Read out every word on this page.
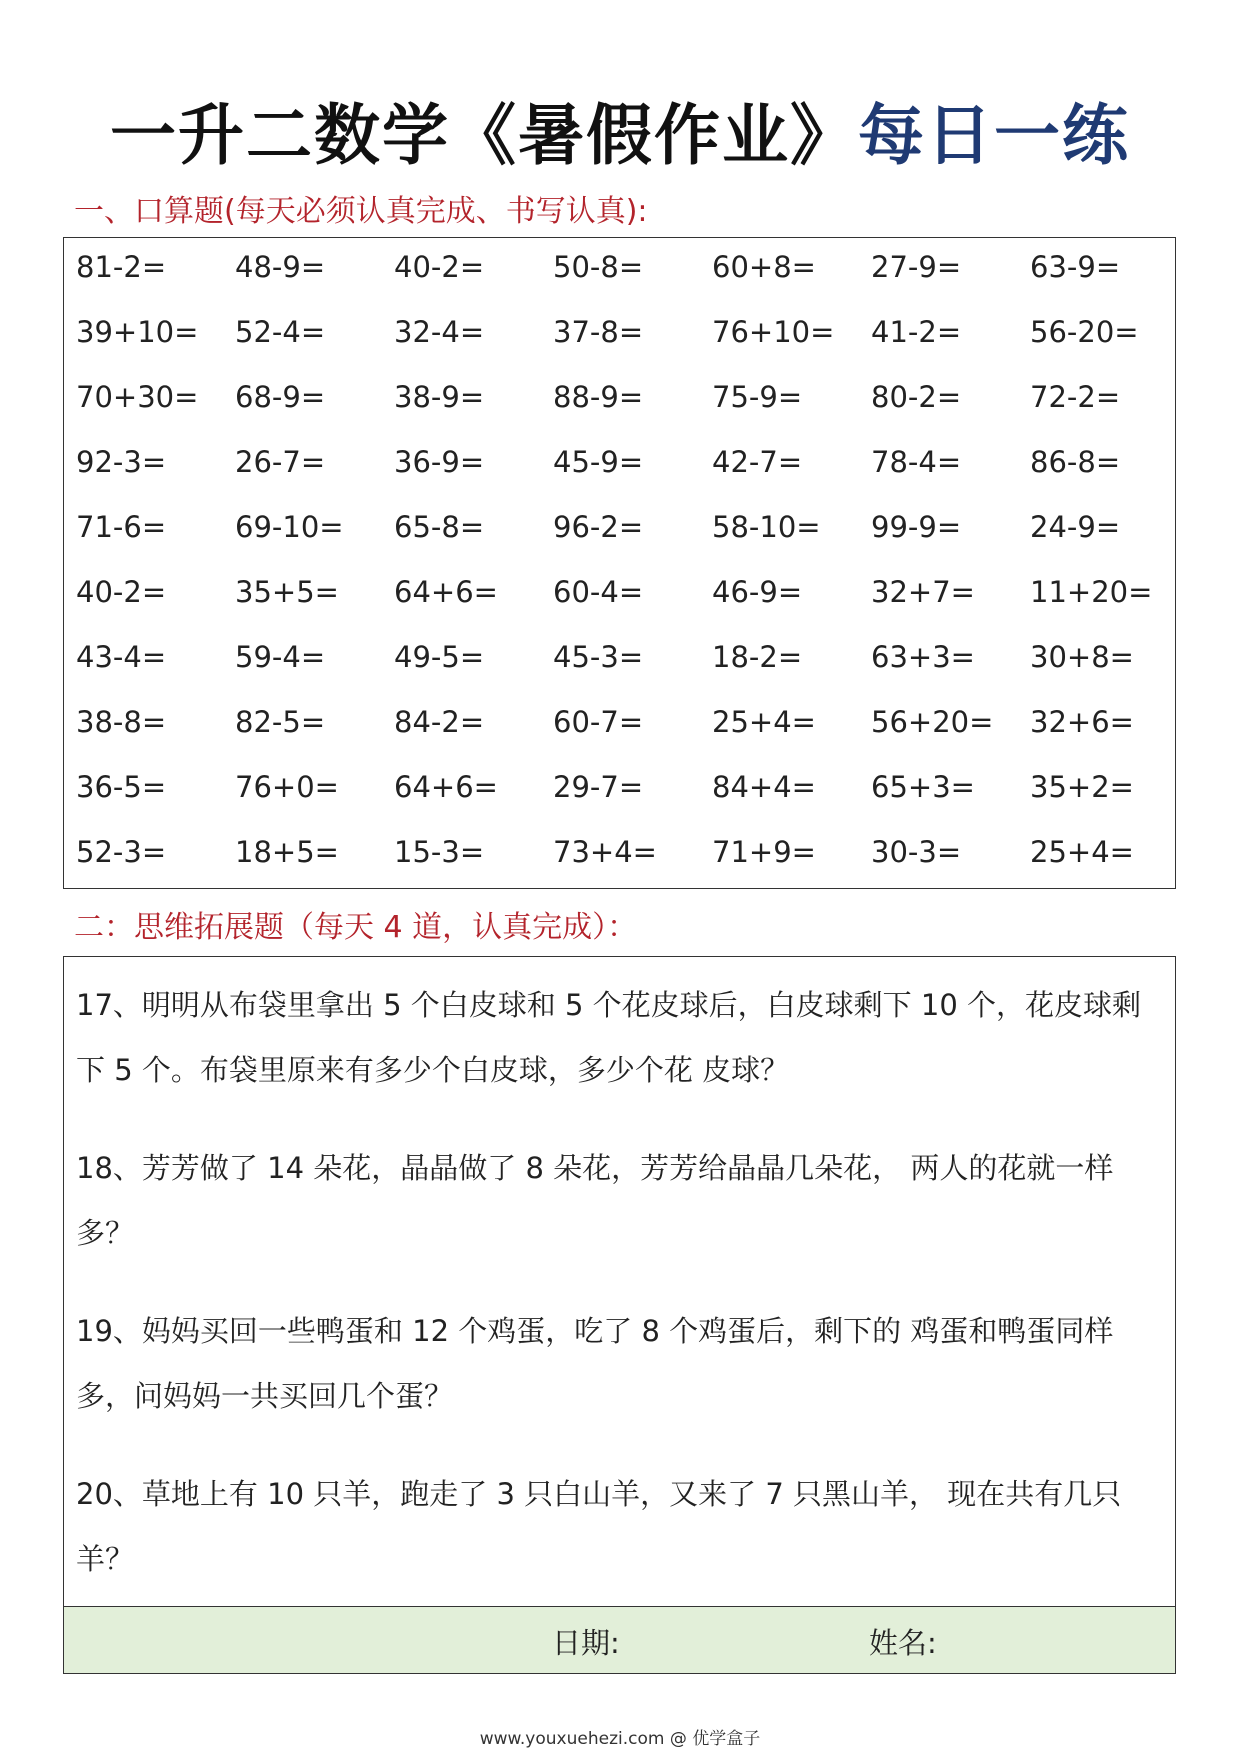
一升二数学《暑假作业》每日一练
一、口算题(每天必须认真完成、书写认真):
81-2=	48-9=	40-2=	50-8=	60+8=	27-9=	63-9=
39+10=	52-4=	32-4=	37-8=	76+10=	41-2=	56-20=
70+30=	68-9=	38-9=	88-9=	75-9=	80-2=	72-2=
92-3=	26-7=	36-9=	45-9=	42-7=	78-4=	86-8=
71-6=	69-10=	65-8=	96-2=	58-10=	99-9=	24-9=
40-2=	35+5=	64+6=	60-4=	46-9=	32+7=	11+20=
43-4=	59-4=	49-5=	45-3=	18-2=	63+3=	30+8=
38-8=	82-5=	84-2=	60-7=	25+4=	56+20=	32+6=
36-5=	76+0=	64+6=	29-7=	84+4=	65+3=	35+2=
52-3=	18+5=	15-3=	73+4=	71+9=	30-3=	25+4=
二：思维拓展题（每天 4 道，认真完成）：
17、明明从布袋里拿出 5 个白皮球和 5 个花皮球后，白皮球剩下 10 个，花皮球剩下 5 个。布袋里原来有多少个白皮球，多少个花 皮球？
18、芳芳做了 14 朵花，晶晶做了 8 朵花，芳芳给晶晶几朵花， 两人的花就一样多？
19、妈妈买回一些鸭蛋和 12 个鸡蛋，吃了 8 个鸡蛋后，剩下的 鸡蛋和鸭蛋同样多，问妈妈一共买回几个蛋？
20、草地上有 10 只羊，跑走了 3 只白山羊，又来了 7 只黑山羊， 现在共有几只羊？
日期:	姓名:
www.youxuehezi.com @ 优学盒子
